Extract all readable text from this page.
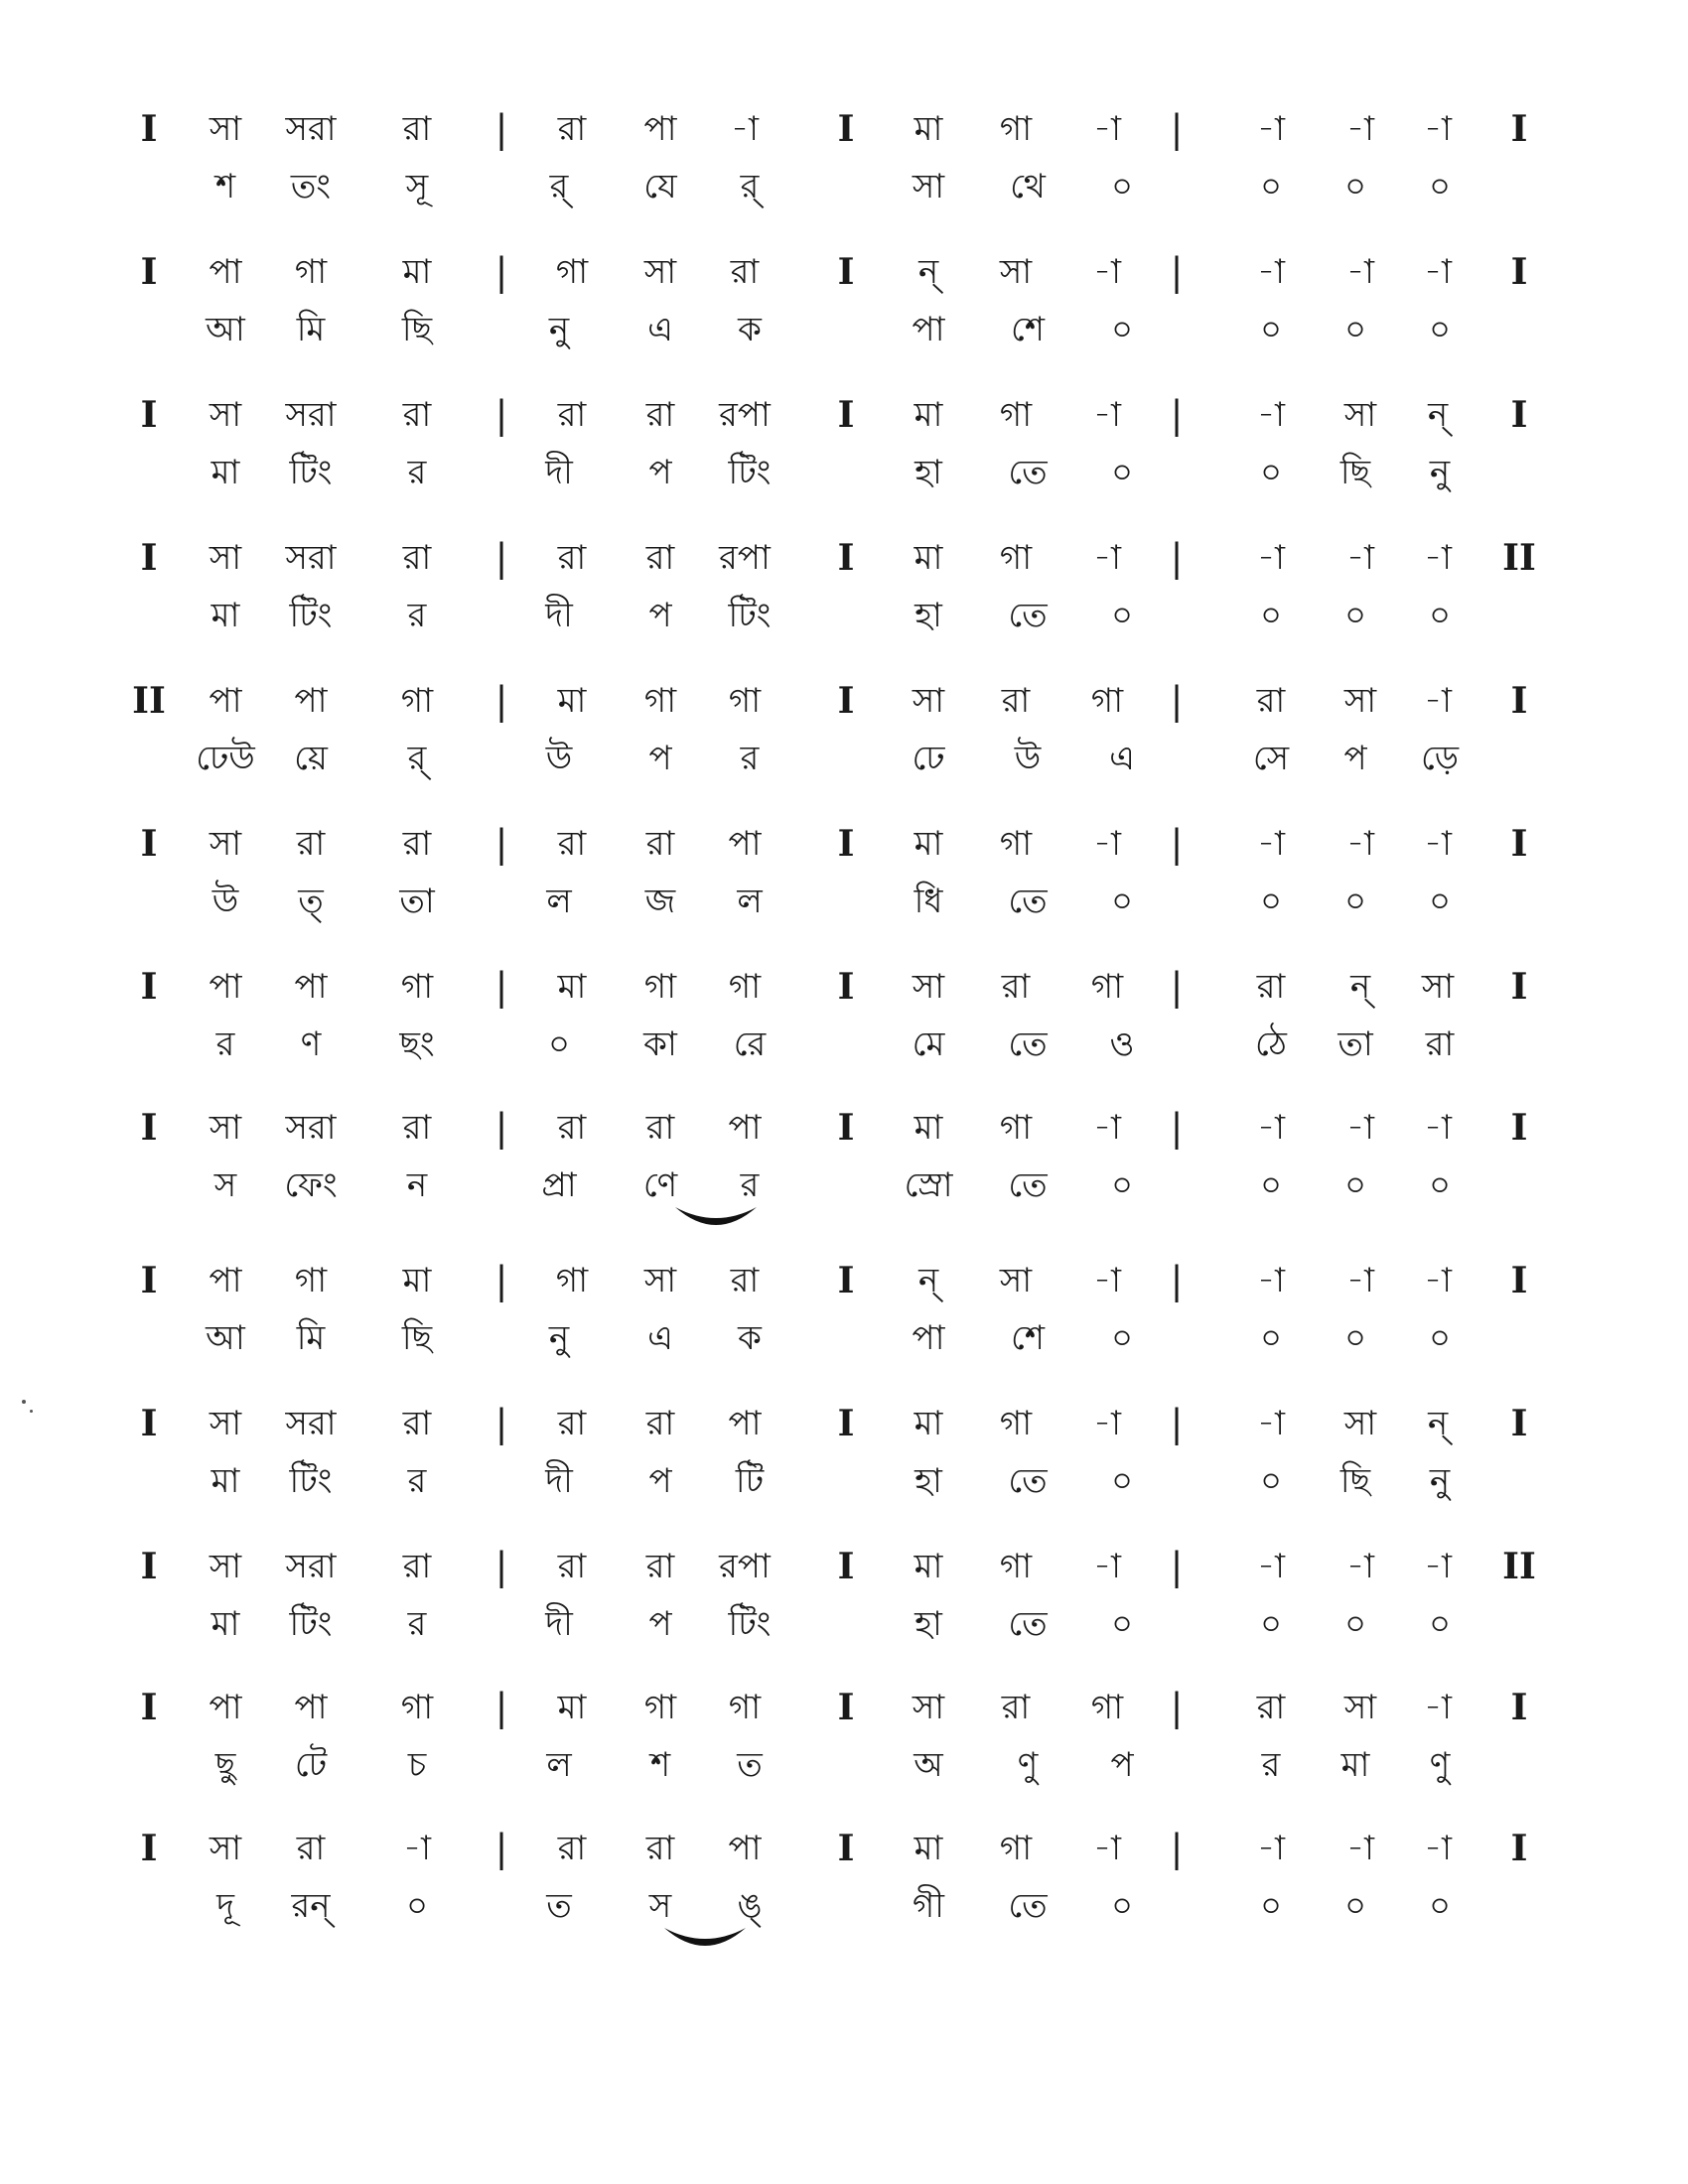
I সা সরা রা | রা পা -া I মা গা -া | -া -া -া I
শ তং সূ	র্ যে র্	সা থে ০	০ ০ ০
I পা গা মা | গা সা রা I ন্ সা -া | -া -া -া I
আ মি ছি	নু এ ক	পা শে ০	০ ০ ০
I সা সরা রা | রা রা রপা I মা গা -া | -া সা ন্ I
মা টিং র	দী প টিং	হা তে ০	০ ছি নু
I সা সরা রা | রা রা রপা I মা গা -া | -া -া -া II
মা টিং র	দী প টিং	হা তে ০	০ ০ ০
II পা পা গা | মা গা গা I সা রা গা | রা সা -া I
ঢেউ য়ে র্	উ প র	ঢে উ এ	সে প ড়ে
I সা রা রা | রা রা পা I মা গা -া | -া -া -া I
উ ত্ তা	ল জ ল	ধি তে ০	০ ০ ০
I পা পা গা | মা গা গা I সা রা গা | রা ন্ সা I
র ণ ছং	০ কা রে	মে তে ও	ঠে তা রা
I সা সরা রা | রা রা পা I মা গা -া | -া -া -া I
স ফেং ন	প্রা ণে র	স্রো তে ০	০ ০ ০
I পা গা মা | গা সা রা I ন্ সা -া | -া -া -া I
আ মি ছি	নু এ ক	পা শে ০	০ ০ ০
I সা সরা রা | রা রা পা I মা গা -া | -া সা ন্ I
মা টিং র	দী প টি	হা তে ০	০ ছি নু
I সা সরা রা | রা রা রপা I মা গা -া | -া -া -া II
মা টিং র	দী প টিং	হা তে ০	০ ০ ০
I পা পা গা | মা গা গা I সা রা গা | রা সা -া I
ছু টে চ	ল শ ত	অ ণু প	র মা ণু
I সা রা -া | রা রা পা I মা গা -া | -া -া -া I
দূ রন্ ০	ত স ঙ্	গী তে ০	০ ০ ০
